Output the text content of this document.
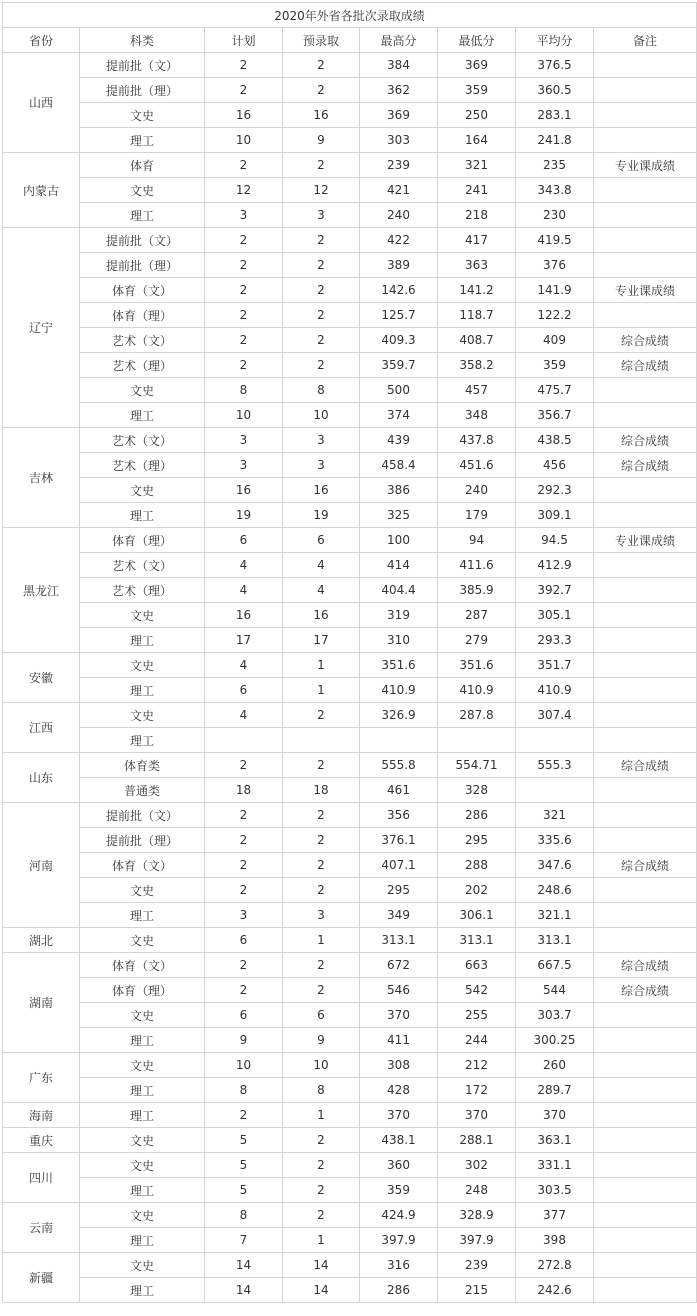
2020年外省各批次录取成绩							
省份	科类	计划	预录取	最高分	最低分	平均分	备注
山西	提前批（文）	2	2	384	369	376.5	
	提前批（理）	2	2	362	359	360.5	
	文史	16	16	369	250	283.1	
	理工	10	9	303	164	241.8	
内蒙古	体育	2	2	239	321	235	专业课成绩
	文史	12	12	421	241	343.8	
	理工	3	3	240	218	230	
辽宁	提前批（文）	2	2	422	417	419.5	
	提前批（理）	2	2	389	363	376	
	体育（文）	2	2	142.6	141.2	141.9	专业课成绩
	体育（理）	2	2	125.7	118.7	122.2	
	艺术（文）	2	2	409.3	408.7	409	综合成绩
	艺术（理）	2	2	359.7	358.2	359	综合成绩
	文史	8	8	500	457	475.7	
	理工	10	10	374	348	356.7	
吉林	艺术（文）	3	3	439	437.8	438.5	综合成绩
	艺术（理）	3	3	458.4	451.6	456	综合成绩
	文史	16	16	386	240	292.3	
	理工	19	19	325	179	309.1	
黑龙江	体育（理）	6	6	100	94	94.5	专业课成绩
	艺术（文）	4	4	414	411.6	412.9	
	艺术（理）	4	4	404.4	385.9	392.7	
	文史	16	16	319	287	305.1	
	理工	17	17	310	279	293.3	
安徽	文史	4	1	351.6	351.6	351.7	
	理工	6	1	410.9	410.9	410.9	
江西	文史	4	2	326.9	287.8	307.4	
	理工						
山东	体育类	2	2	555.8	554.71	555.3	综合成绩
	普通类	18	18	461	328		
河南	提前批（文）	2	2	356	286	321	
	提前批（理）	2	2	376.1	295	335.6	
	体育（文）	2	2	407.1	288	347.6	综合成绩
	文史	2	2	295	202	248.6	
	理工	3	3	349	306.1	321.1	
湖北	文史	6	1	313.1	313.1	313.1	
湖南	体育（文）	2	2	672	663	667.5	综合成绩
	体育（理）	2	2	546	542	544	综合成绩
	文史	6	6	370	255	303.7	
	理工	9	9	411	244	300.25	
广东	文史	10	10	308	212	260	
	理工	8	8	428	172	289.7	
海南	理工	2	1	370	370	370	
重庆	文史	5	2	438.1	288.1	363.1	
四川	文史	5	2	360	302	331.1	
	理工	5	2	359	248	303.5	
云南	文史	8	2	424.9	328.9	377	
	理工	7	1	397.9	397.9	398	
新疆	文史	14	14	316	239	272.8	
	理工	14	14	286	215	242.6	
